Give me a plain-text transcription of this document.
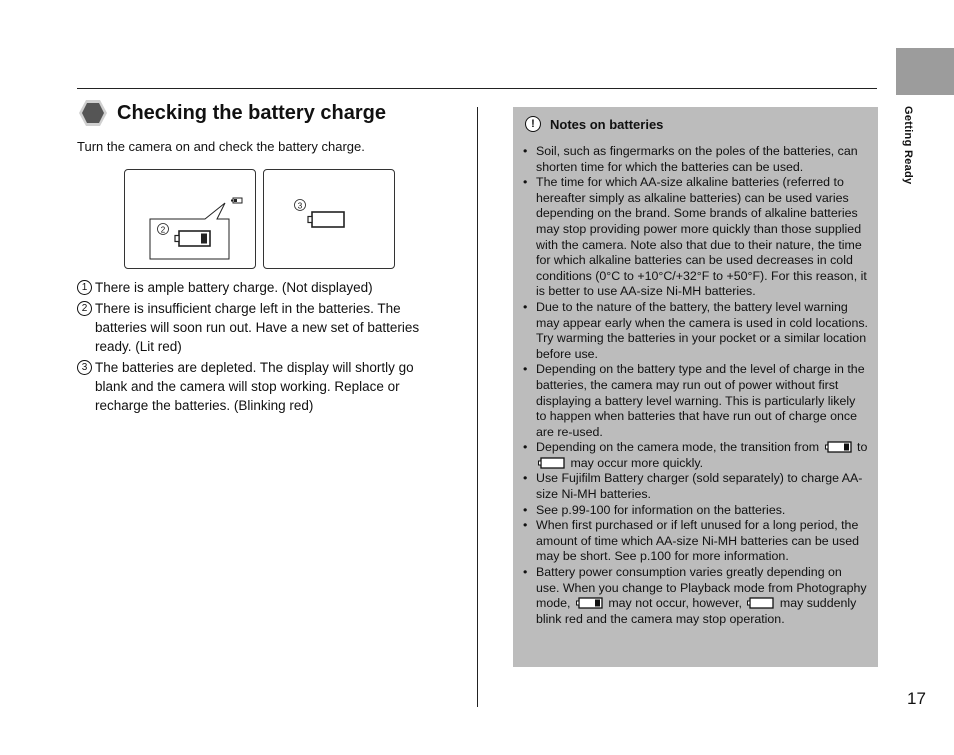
Getting Ready
Checking the battery charge
Turn the camera on and check the battery charge.
2
3
1 There is ample battery charge. (Not displayed)
2 There is insufficient charge left in the batteries. The batteries will soon run out. Have a new set of batteries ready. (Lit red)
3 The batteries are depleted. The display will shortly go blank and the camera will stop working. Replace or recharge the batteries. (Blinking red)
!	Notes on batteries
• Soil, such as fingermarks on the poles of the batteries, can shorten time for which the batteries can be used.
• The time for which AA-size alkaline batteries (referred to hereafter simply as alkaline batteries) can be used varies depending on the brand. Some brands of alkaline batteries may stop providing power more quickly than those supplied with the camera. Note also that due to their nature, the time for which alkaline batteries can be used decreases in cold conditions (0°C to +10°C/+32°F to +50°F). For this reason, it is better to use AA-size Ni-MH batteries.
• Due to the nature of the battery, the battery level warning may appear early when the camera is used in cold locations. Try warming the batteries in your pocket or a similar location before use.
• Depending on the battery type and the level of charge in the batteries, the camera may run out of power without first displaying a battery level warning. This is particularly likely to happen when batteries that have run out of charge once are re-used.
• Depending on the camera mode, the transition from	to  may occur more quickly.
• Use Fujifilm Battery charger (sold separately) to charge AA-size Ni-MH batteries.
• See p.99-100 for information on the batteries.
• When first purchased or if left unused for a long period, the amount of time which AA-size Ni-MH batteries can be used may be short. See p.100 for more information.
• Battery power consumption varies greatly depending on use. When you change to Playback mode from Photography mode,	may not occur, however,	may suddenly blink red and the camera may stop operation.
17
